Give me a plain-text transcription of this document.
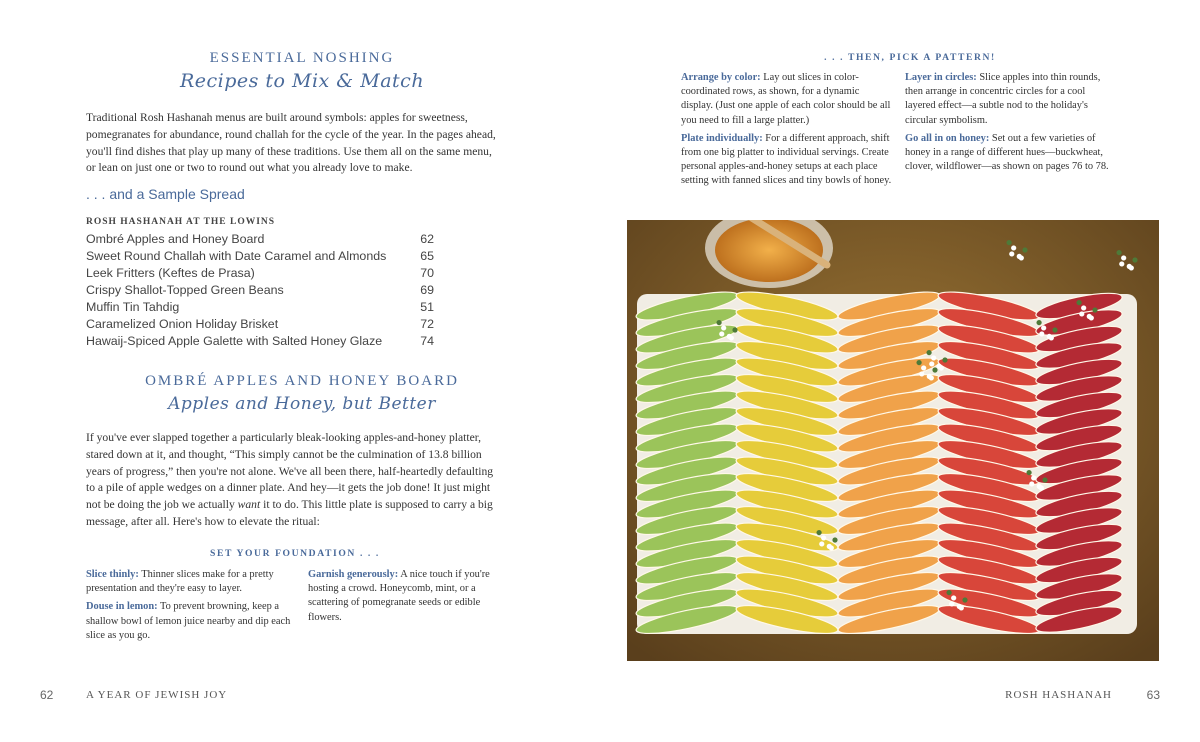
ESSENTIAL NOSHING
Recipes to Mix & Match

Traditional Rosh Hashanah menus are built around symbols: apples for sweetness, pomegranates for abundance, round challah for the cycle of the year. In the pages ahead, you'll find dishes that play up many of these traditions. Use them all on the same menu, or lean on just one or two to round out what you already love to make.

. . . and a Sample Spread
ROSH HASHANAH AT THE LOWINS
Ombré Apples and Honey Board	62
Sweet Round Challah with Date Caramel and Almonds	65
Leek Fritters (Keftes de Prasa)	70
Crispy Shallot-Topped Green Beans	69
Muffin Tin Tahdig	51
Caramelized Onion Holiday Brisket	72
Hawaij-Spiced Apple Galette with Salted Honey Glaze	74
OMBRÉ APPLES AND HONEY BOARD
Apples and Honey, but Better

If you've ever slapped together a particularly bleak-looking apples-and-honey platter, stared down at it, and thought, “This simply cannot be the culmination of 13.8 billion years of progress,” then you're not alone. We've all been there, half-heartedly defaulting to a pile of apple wedges on a dinner plate. And hey—it gets the job done! It just might not be doing the job we actually want it to do. This little plate is supposed to carry a big message, after all. Here's how to elevate the ritual:

SET YOUR FOUNDATION . . .

Slice thinly: Thinner slices make for a pretty presentation and they're easy to layer.

Douse in lemon: To prevent browning, keep a shallow bowl of lemon juice nearby and dip each slice as you go.

Garnish generously: A nice touch if you're hosting a crowd. Honeycomb, mint, or a scattering of pomegranate seeds or edible flowers.

62	A YEAR OF JEWISH JOY
. . . THEN, PICK A PATTERN!

Arrange by color: Lay out slices in color-coordinated rows, as shown, for a dynamic display. (Just one apple of each color should be all you need to fill a large platter.)

Plate individually: For a different approach, shift from one big platter to individual servings. Create personal apples-and-honey setups at each place setting with fanned slices and tiny bowls of honey.

Layer in circles: Slice apples into thin rounds, then arrange in concentric circles for a cool layered effect—a subtle nod to the holiday's circular symbolism.

Go all in on honey: Set out a few varieties of honey in a range of different hues—buckwheat, clover, wildflower—as shown on pages 76 to 78.

ROSH HASHANAH	63
